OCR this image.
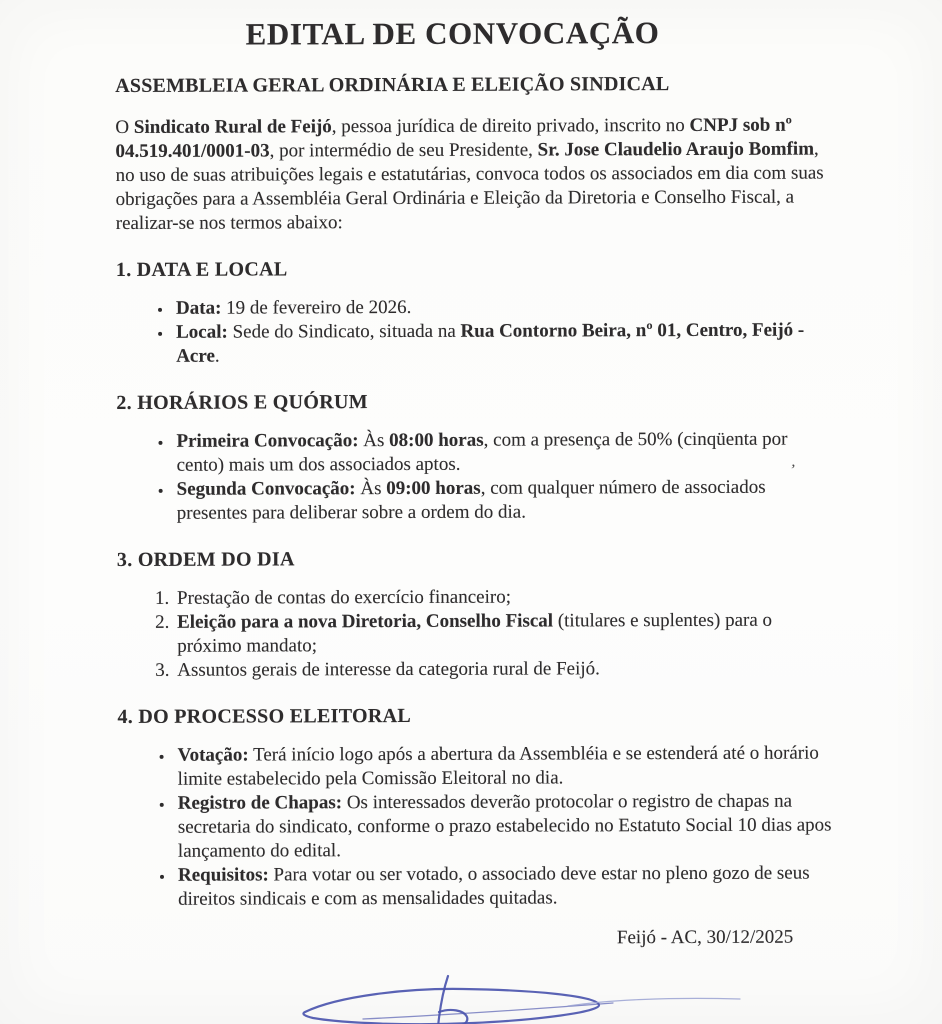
EDITAL DE CONVOCAÇÃO
ASSEMBLEIA GERAL ORDINÁRIA E ELEIÇÃO SINDICAL

O Sindicato Rural de Feijó, pessoa jurídica de direito privado, inscrito no CNPJ sob nº 04.519.401/0001-03, por intermédio de seu Presidente, Sr. Jose Claudelio Araujo Bomfim, no uso de suas atribuições legais e estatutárias, convoca todos os associados em dia com suas obrigações para a Assembléia Geral Ordinária e Eleição da Diretoria e Conselho Fiscal, a realizar-se nos termos abaixo:

1. DATA E LOCAL
• Data: 19 de fevereiro de 2026.
• Local: Sede do Sindicato, situada na Rua Contorno Beira, nº 01, Centro, Feijó - Acre.
2. HORÁRIOS E QUÓRUM
• Primeira Convocação: Às 08:00 horas, com a presença de 50% (cinqüenta por cento) mais um dos associados aptos.
• Segunda Convocação: Às 09:00 horas, com qualquer número de associados presentes para deliberar sobre a ordem do dia.
3. ORDEM DO DIA
1. Prestação de contas do exercício financeiro;
2. Eleição para a nova Diretoria, Conselho Fiscal (titulares e suplentes) para o próximo mandato;
3. Assuntos gerais de interesse da categoria rural de Feijó.
4. DO PROCESSO ELEITORAL
• Votação: Terá início logo após a abertura da Assembléia e se estenderá até o horário limite estabelecido pela Comissão Eleitoral no dia.
• Registro de Chapas: Os interessados deverão protocolar o registro de chapas na secretaria do sindicato, conforme o prazo estabelecido no Estatuto Social 10 dias apos lançamento do edital.
• Requisitos: Para votar ou ser votado, o associado deve estar no pleno gozo de seus direitos sindicais e com as mensalidades quitadas.
Feijó - AC, 30/12/2025
’
